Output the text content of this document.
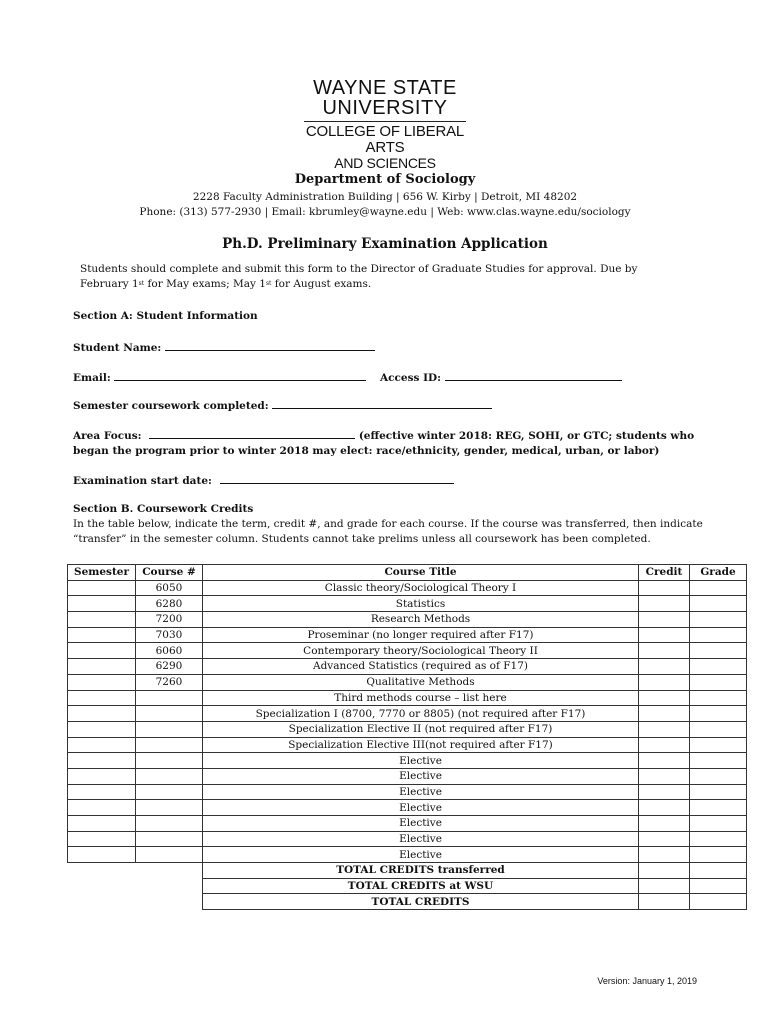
WAYNE STATE
UNIVERSITY
COLLEGE OF LIBERAL ARTS
AND SCIENCES
Department of Sociology
2228 Faculty Administration Building | 656 W. Kirby | Detroit, MI 48202
Phone: (313) 577-2930 | Email: kbrumley@wayne.edu | Web: www.clas.wayne.edu/sociology
Ph.D. Preliminary Examination Application
Students should complete and submit this form to the Director of Graduate Studies for approval. Due by
February 1st for May exams; May 1st for August exams.
Section A: Student Information
Student Name:
Email:	Access ID:
Semester coursework completed:
Area Focus:	(effective winter 2018: REG, SOHI, or GTC; students who
began the program prior to winter 2018 may elect: race/ethnicity, gender, medical, urban, or labor)
Examination start date:
Section B. Coursework Credits
In the table below, indicate the term, credit #, and grade for each course. If the course was transferred, then indicate
“transfer” in the semester column. Students cannot take prelims unless all coursework has been completed.
Semester	Course #	Course Title	Credit	Grade
	6050	Classic theory/Sociological Theory I		
	6280	Statistics		
	7200	Research Methods		
	7030	Proseminar (no longer required after F17)		
	6060	Contemporary theory/Sociological Theory II		
	6290	Advanced Statistics (required as of F17)		
	7260	Qualitative Methods		
		Third methods course – list here		
		Specialization I (8700, 7770 or 8805) (not required after F17)		
		Specialization Elective II (not required after F17)		
		Specialization Elective III(not required after F17)		
		Elective		
		Elective		
		Elective		
		Elective		
		Elective		
		Elective		
		Elective		
		TOTAL CREDITS transferred		
		TOTAL CREDITS at WSU		
		TOTAL CREDITS		
Version: January 1, 2019
